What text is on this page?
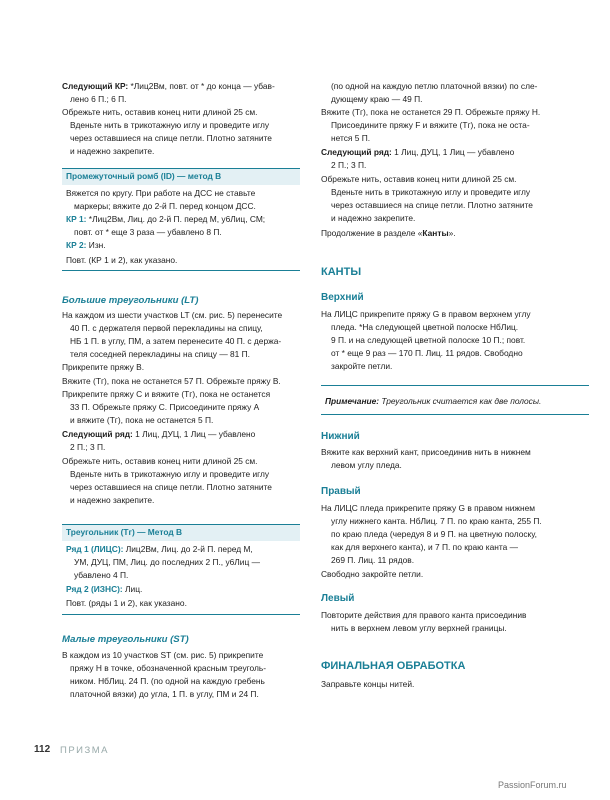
Следующий КР: *Лиц2Вм, повт. от * до конца — убав-
лено 6 П.; 6 П.
Обрежьте нить, оставив конец нити длиной 25 см.
Вденьте нить в трикотажную иглу и проведите иглу
через оставшиеся на спице петли. Плотно затяните
и надежно закрепите.
Промежуточный ромб (ID) — метод В
Вяжется по кругу. При работе на ДСС не ставьте
маркеры; вяжите до 2-й П. перед концом ДСС.
КР 1: *Лиц2Вм, Лиц. до 2-й П. перед М, у6Лиц, СМ;
повт. от * еще 3 раза — убавлено 8 П.
КР 2: Изн.
Повт. (КР 1 и 2), как указано.
Большие треугольники (LT)
На каждом из шести участков LT (см. рис. 5) перенесите
40 П. с держателя первой перекладины на спицу,
НБ 1 П. в углу, ПМ, а затем перенесите 40 П. с держа-
теля соседней перекладины на спицу — 81 П.
Прикрепите пряжу В.
Вяжите (Тг), пока не останется 57 П. Обрежьте пряжу В.
Прикрепите пряжу С и вяжите (Тг), пока не останется
33 П. Обрежьте пряжу С. Присоедините пряжу А
и вяжите (Тг), пока не останется 5 П.
Следующий ряд: 1 Лиц, ДУЦ, 1 Лиц — убавлено
2 П.; 3 П.
Обрежьте нить, оставив конец нити длиной 25 см.
Вденьте нить в трикотажную иглу и проведите иглу
через оставшиеся на спице петли. Плотно затяните
и надежно закрепите.
Треугольник (Тг) — Метод В
Ряд 1 (ЛИЦС): Лиц2Вм, Лиц. до 2-й П. перед М,
УМ, ДУЦ, ПМ, Лиц. до последних 2 П., у6Лиц —
убавлено 4 П.
Ряд 2 (ИЗНС): Лиц.
Повт. (ряды 1 и 2), как указано.
Малые треугольники (ST)
В каждом из 10 участков ST (см. рис. 5) прикрепите
пряжу Н в точке, обозначенной красным треуголь-
ником. НбЛиц. 24 П. (по одной на каждую гребень
платочной вязки) до угла, 1 П. в углу, ПМ и 24 П.
(по одной на каждую петлю платочной вязки) по сле-
дующему краю — 49 П.
Вяжите (Тг), пока не останется 29 П. Обрежьте пряжу Н.
Присоедините пряжу F и вяжите (Тг), пока не оста-
нется 5 П.
Следующий ряд: 1 Лиц, ДУЦ, 1 Лиц — убавлено
2 П.; 3 П.
Обрежьте нить, оставив конец нити длиной 25 см.
Вденьте нить в трикотажную иглу и проведите иглу
через оставшиеся на спице петли. Плотно затяните
и надежно закрепите.
Продолжение в разделе «Канты».
КАНТЫ
Верхний
На ЛИЦС прикрепите пряжу G в правом верхнем углу
пледа. *На следующей цветной полоске НбЛиц.
9 П. и на следующей цветной полоске 10 П.; повт.
от * еще 9 раз — 170 П. Лиц. 11 рядов. Свободно
закройте петли.
Примечание: Треугольник считается как две полосы.
Нижний
Вяжите как верхний кант, присоединив нить в нижнем
левом углу пледа.
Правый
На ЛИЦС пледа прикрепите пряжу G в правом нижнем
углу нижнего канта. НбЛиц. 7 П. по краю канта, 255 П.
по краю пледа (чередуя 8 и 9 П. на цветную полоску,
как для верхнего канта), и 7 П. по краю канта —
269 П. Лиц. 11 рядов.
Свободно закройте петли.
Левый
Повторите действия для правого канта присоединив
нить в верхнем левом углу верхней границы.
ФИНАЛЬНАЯ ОБРАБОТКА
Заправьте концы нитей.
112 ПРИЗМА
PassionForum.ru
